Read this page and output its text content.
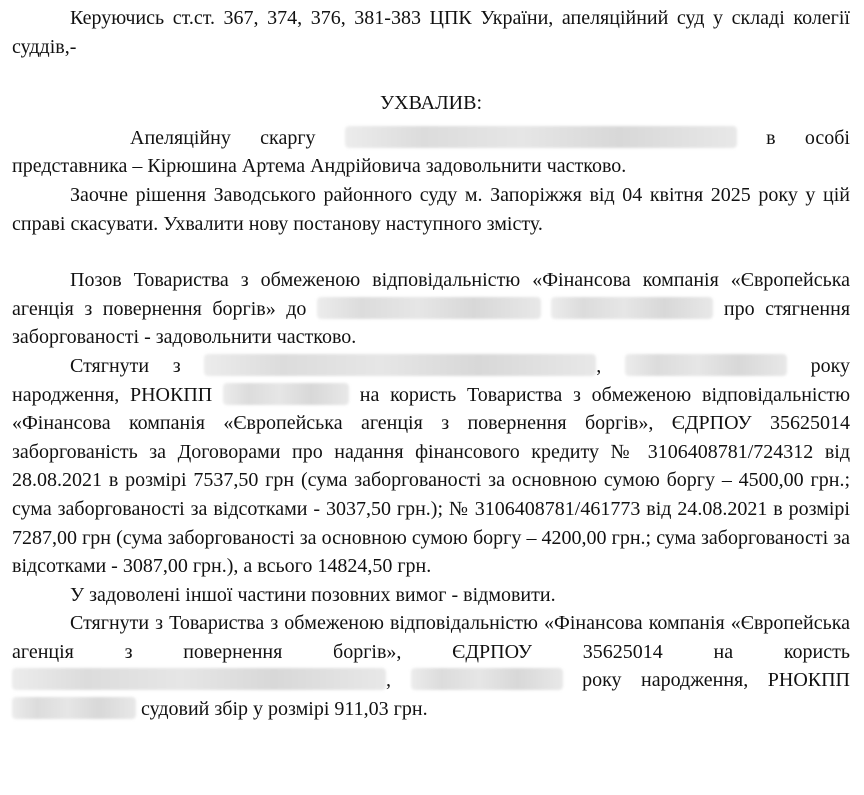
Керуючись ст.ст. 367, 374, 376, 381-383 ЦПК України, апеляційний суд у складі колегії суддів,-

УХВАЛИВ:

Апеляційну скаргу	в особі представника – Кірюшина Артема Андрійовича задовольнити частково.

Заочне рішення Заводського районного суду м. Запоріжжя від 04 квітня 2025 року у цій справі скасувати. Ухвалити нову постанову наступного змісту.

Позов Товариства з обмеженою відповідальністю «Фінансова компанія «Європейська агенція з повернення боргів» до	про стягнення заборгованості - задовольнити частково.

Стягнути з	,	року народження, РНОКПП	на користь Товариства з обмеженою відповідальністю «Фінансова компанія «Європейська агенція з повернення боргів», ЄДРПОУ 35625014 заборгованість за Договорами про надання фінансового кредиту № 3106408781/724312 від 28.08.2021 в розмірі 7537,50 грн (сума заборгованості за основною сумою боргу – 4500,00 грн.; сума заборгованості за відсотками - 3037,50 грн.); № 3106408781/461773 від 24.08.2021 в розмірі 7287,00 грн (сума заборгованості за основною сумою боргу – 4200,00 грн.; сума заборгованості за відсотками - 3087,00 грн.), а всього 14824,50 грн.

У задоволені іншої частини позовних вимог - відмовити.

Стягнути з Товариства з обмеженою відповідальністю «Фінансова компанія «Європейська агенція з повернення боргів», ЄДРПОУ 35625014 на користь ,	року народження, РНОКПП  судовий збір у розмірі 911,03 грн.
